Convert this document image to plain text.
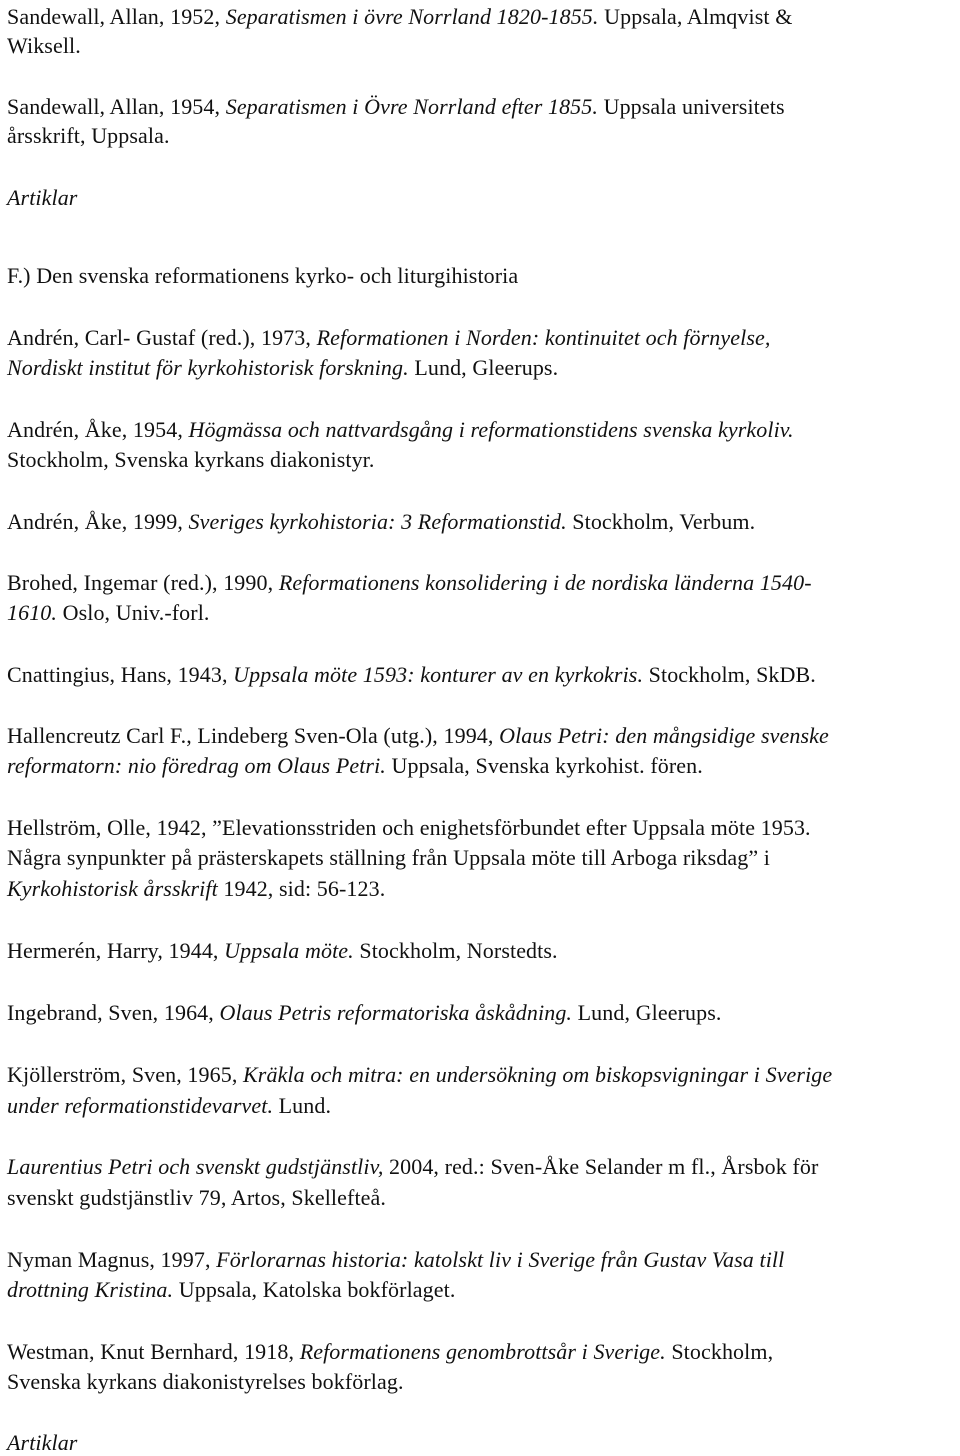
Sandewall, Allan, 1952, Separatismen i övre Norrland 1820-1855. Uppsala, Almqvist &
Wiksell.
Sandewall, Allan, 1954, Separatismen i Övre Norrland efter 1855. Uppsala universitets
årsskrift, Uppsala.
Artiklar
F.) Den svenska reformationens kyrko- och liturgihistoria
Andrén, Carl- Gustaf (red.), 1973, Reformationen i Norden: kontinuitet och förnyelse,
Nordiskt institut för kyrkohistorisk forskning. Lund, Gleerups.
Andrén, Åke, 1954, Högmässa och nattvardsgång i reformationstidens svenska kyrkoliv.
Stockholm, Svenska kyrkans diakonistyr.
Andrén, Åke, 1999, Sveriges kyrkohistoria: 3 Reformationstid. Stockholm, Verbum.
Brohed, Ingemar (red.), 1990, Reformationens konsolidering i de nordiska länderna 1540-
1610. Oslo, Univ.-forl.
Cnattingius, Hans, 1943, Uppsala möte 1593: konturer av en kyrkokris. Stockholm, SkDB.
Hallencreutz Carl F., Lindeberg Sven-Ola (utg.), 1994, Olaus Petri: den mångsidige svenske
reformatorn: nio föredrag om Olaus Petri. Uppsala, Svenska kyrkohist. fören.
Hellström, Olle, 1942, ”Elevationsstriden och enighetsförbundet efter Uppsala möte 1953.
Några synpunkter på prästerskapets ställning från Uppsala möte till Arboga riksdag” i
Kyrkohistorisk årsskrift 1942, sid: 56-123.
Hermerén, Harry, 1944, Uppsala möte. Stockholm, Norstedts.
Ingebrand, Sven, 1964, Olaus Petris reformatoriska åskådning. Lund, Gleerups.
Kjöllerström, Sven, 1965, Kräkla och mitra: en undersökning om biskopsvigningar i Sverige
under reformationstidevarvet. Lund.
Laurentius Petri och svenskt gudstjänstliv, 2004, red.: Sven-Åke Selander m fl., Årsbok för
svenskt gudstjänstliv 79, Artos, Skellefteå.
Nyman Magnus, 1997, Förlorarnas historia: katolskt liv i Sverige från Gustav Vasa till
drottning Kristina. Uppsala, Katolska bokförlaget.
Westman, Knut Bernhard, 1918, Reformationens genombrottsår i Sverige. Stockholm,
Svenska kyrkans diakonistyrelses bokförlag.
Artiklar
